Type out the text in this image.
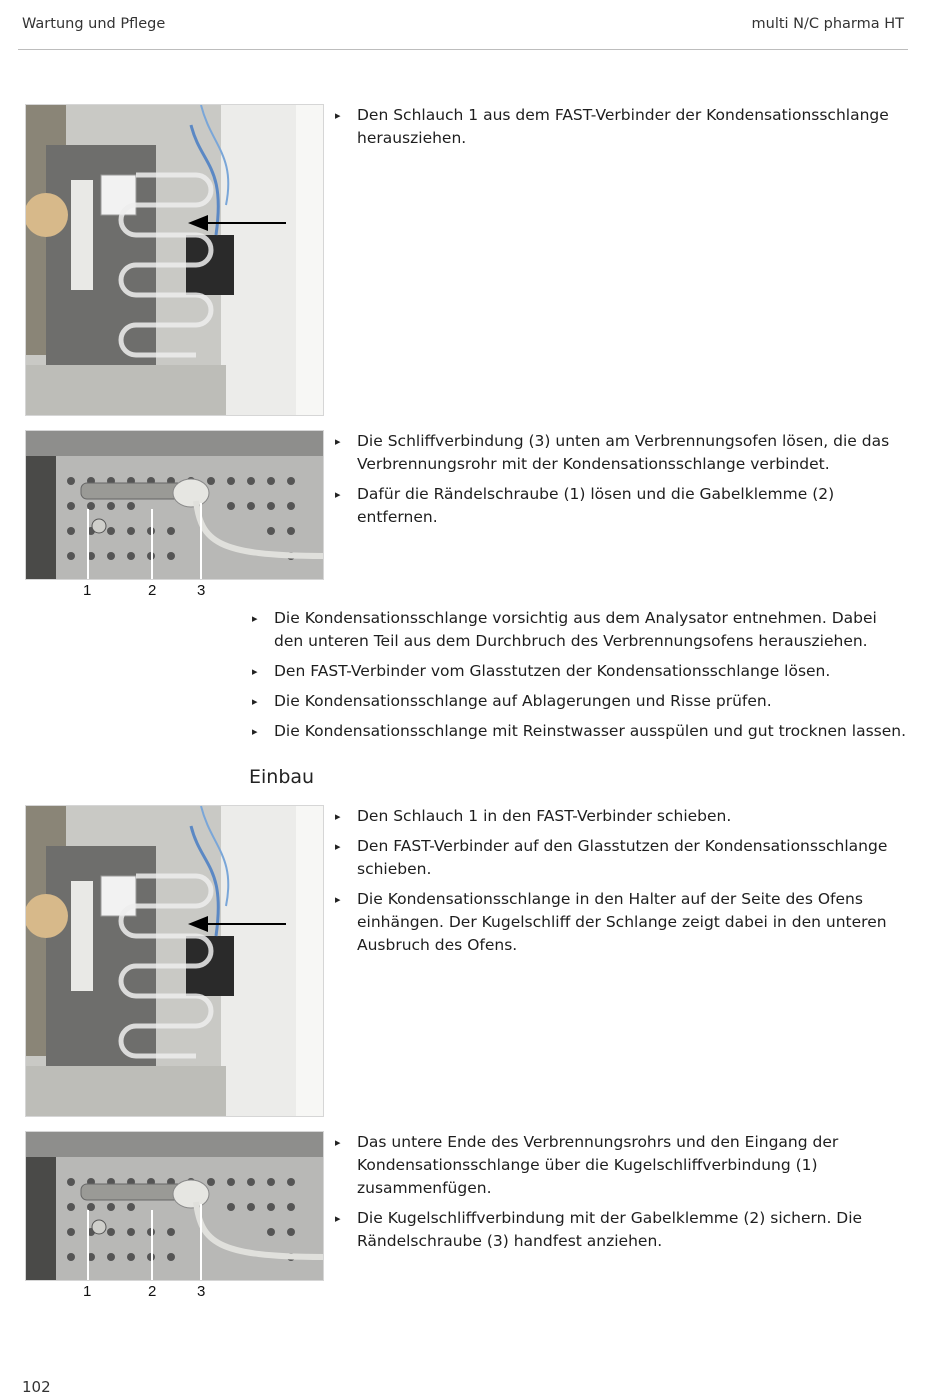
Wartung und Pflege	multi N/C pharma HT
▸ Den Schlauch 1 aus dem FAST-Verbinder der Kondensationsschlange herausziehen.
1	2	3
▸ Die Schliffverbindung (3) unten am Verbrennungsofen lösen, die das Verbrennungsrohr mit der Kondensationsschlange verbindet.
▸ Dafür die Rändelschraube (1) lösen und die Gabelklemme (2) entfernen.
▸ Die Kondensationsschlange vorsichtig aus dem Analysator entnehmen. Dabei den unteren Teil aus dem Durchbruch des Verbrennungsofens herausziehen.
▸ Den FAST-Verbinder vom Glasstutzen der Kondensationsschlange lösen.
▸ Die Kondensationsschlange auf Ablagerungen und Risse prüfen.
▸ Die Kondensationsschlange mit Reinstwasser ausspülen und gut trocknen lassen.
Einbau
▸ Den Schlauch 1 in den FAST-Verbinder schieben.
▸ Den FAST-Verbinder auf den Glasstutzen der Kondensationsschlange schieben.
▸ Die Kondensationsschlange in den Halter auf der Seite des Ofens einhängen. Der Kugelschliff der Schlange zeigt dabei in den unteren Ausbruch des Ofens.
1	2	3
▸ Das untere Ende des Verbrennungsrohrs und den Eingang der Kondensationsschlange über die Kugelschliffverbindung (1) zusammenfügen.
▸ Die Kugelschliffverbindung mit der Gabelklemme (2) sichern. Die Rändelschraube (3) handfest anziehen.
102
